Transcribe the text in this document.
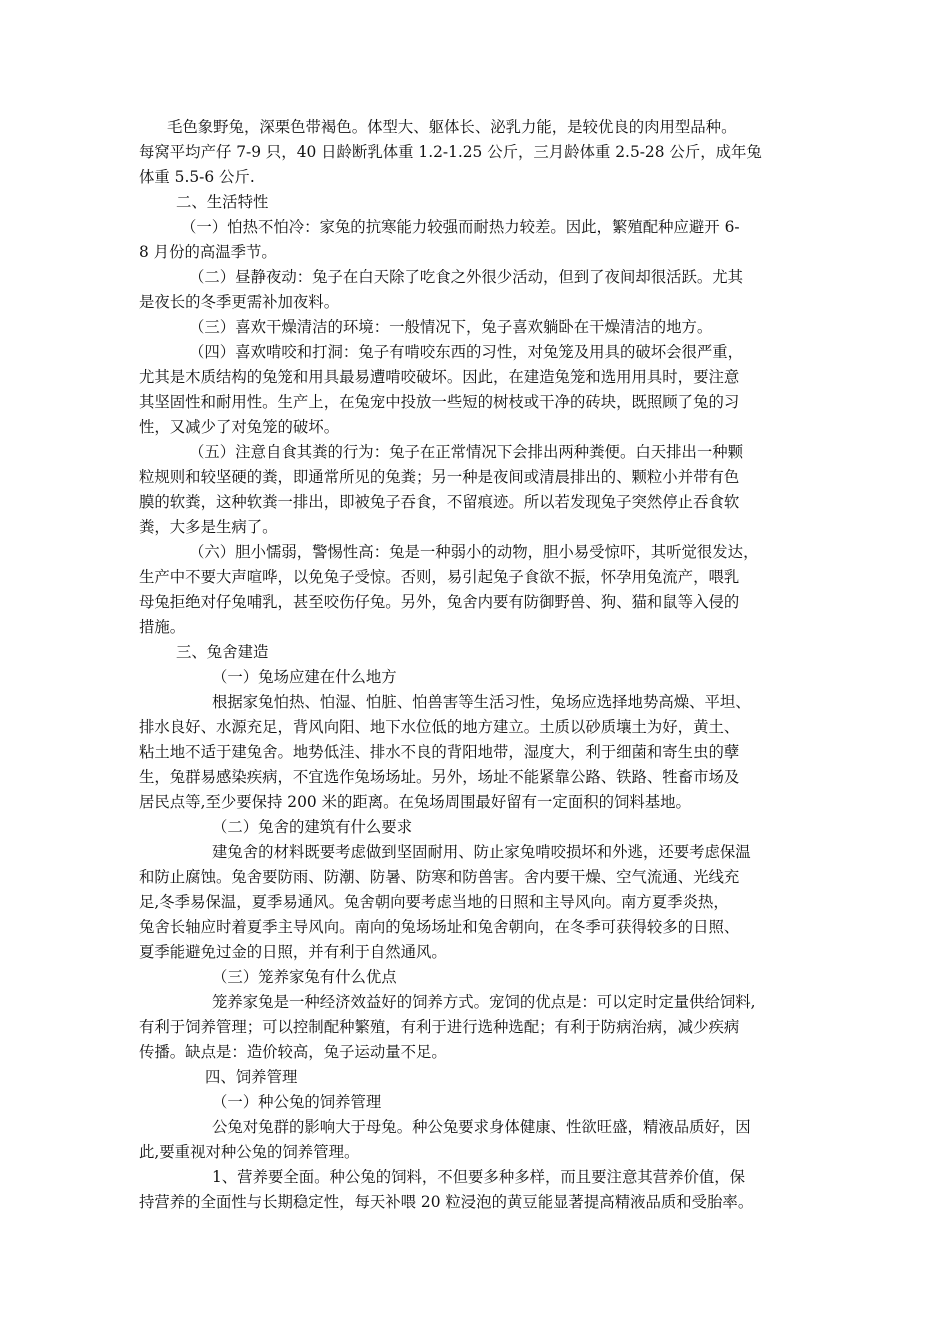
毛色象野兔，深栗色带褐色。体型大、躯体长、泌乳力能，是较优良的肉用型品种。
每窝平均产仔 7-9 只，40 日龄断乳体重 1.2-1.25 公斤，三月龄体重 2.5-28 公斤，成年兔
体重 5.5-6 公斤.
二、生活特性
（一）怕热不怕冷：家兔的抗寒能力较强而耐热力较差。因此，繁殖配种应避开 6-
8 月份的高温季节。
（二）昼静夜动：兔子在白天除了吃食之外很少活动，但到了夜间却很活跃。尤其
是夜长的冬季更需补加夜料。
（三）喜欢干燥清洁的环境：一般情况下，兔子喜欢躺卧在干燥清洁的地方。
（四）喜欢啃咬和打洞：兔子有啃咬东西的习性，对兔笼及用具的破坏会很严重，
尤其是木质结构的兔笼和用具最易遭啃咬破坏。因此，在建造兔笼和选用用具时，要注意
其坚固性和耐用性。生产上，在兔宠中投放一些短的树枝或干净的砖块，既照顾了兔的习
性，又减少了对兔笼的破坏。
（五）注意自食其粪的行为：兔子在正常情况下会排出两种粪便。白天排出一种颗
粒规则和较坚硬的粪，即通常所见的兔粪；另一种是夜间或清晨排出的、颗粒小并带有色
膜的软粪，这种软粪一排出，即被兔子吞食，不留痕迹。所以若发现兔子突然停止吞食软
粪，大多是生病了。
（六）胆小懦弱，警惕性高：兔是一种弱小的动物，胆小易受惊吓，其听觉很发达，
生产中不要大声喧哗，以免兔子受惊。否则，易引起兔子食欲不振，怀孕用兔流产，喂乳
母兔拒绝对仔兔哺乳，甚至咬伤仔兔。另外，兔舍内要有防御野兽、狗、猫和鼠等入侵的
措施。
三、兔舍建造
（一）兔场应建在什么地方
根据家兔怕热、怕湿、怕脏、怕兽害等生活习性，兔场应选择地势高燥、平坦、
排水良好、水源充足，背风向阳、地下水位低的地方建立。土质以砂质壤土为好，黄土、
粘土地不适于建兔舍。地势低洼、排水不良的背阳地带，湿度大，利于细菌和寄生虫的孽
生，兔群易感染疾病，不宜选作兔场场址。另外，场址不能紧靠公路、铁路、牲畜市场及
居民点等,至少要保持 200 米的距离。在兔场周围最好留有一定面积的饲料基地。
（二）兔舍的建筑有什么要求
建兔舍的材料既要考虑做到坚固耐用、防止家兔啃咬损坏和外逃，还要考虑保温
和防止腐蚀。兔舍要防雨、防潮、防暑、防寒和防兽害。舍内要干燥、空气流通、光线充
足,冬季易保温，夏季易通风。兔舍朝向要考虑当地的日照和主导风向。南方夏季炎热，
兔舍长轴应时着夏季主导风向。南向的兔场场址和兔舍朝向，在冬季可获得较多的日照、
夏季能避免过金的日照，并有利于自然通风。
（三）笼养家兔有什么优点
笼养家兔是一种经济效益好的饲养方式。宠饲的优点是：可以定时定量供给饲料,
有利于饲养管理；可以控制配种繁殖，有利于进行选种选配；有利于防病治病，减少疾病
传播。缺点是：造价较高，兔子运动量不足。
四、饲养管理
（一）种公兔的饲养管理
公兔对兔群的影响大于母兔。种公兔要求身体健康、性欲旺盛，精液品质好，因
此,要重视对种公兔的饲养管理。
1、营养要全面。种公兔的饲料，不但要多种多样，而且要注意其营养价值，保
持营养的全面性与长期稳定性，每天补喂 20 粒浸泡的黄豆能显著提高精液品质和受胎率。
